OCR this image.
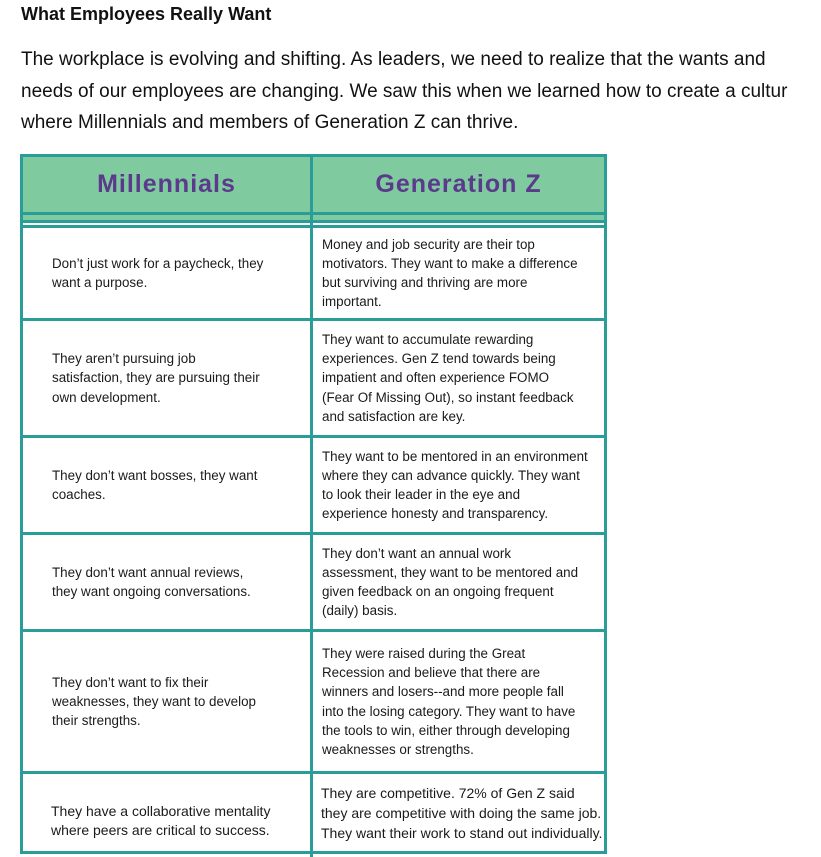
What Employees Really Want
The workplace is evolving and shifting. As leaders, we need to realize that the wants and
needs of our employees are changing. We saw this when we learned how to create a cultur
where Millennials and members of Generation Z can thrive.
Millennials	Generation Z
Don’t just work for a paycheck, they
want a purpose.
Money and job security are their top
motivators. They want to make a difference
but surviving and thriving are more
important.
They aren’t pursuing job
satisfaction, they are pursuing their
own development.
They want to accumulate rewarding
experiences. Gen Z tend towards being
impatient and often experience FOMO
(Fear Of Missing Out), so instant feedback
and satisfaction are key.
They don’t want bosses, they want
coaches.
They want to be mentored in an environment
where they can advance quickly. They want
to look their leader in the eye and
experience honesty and transparency.
They don’t want annual reviews,
they want ongoing conversations.
They don’t want an annual work
assessment, they want to be mentored and
given feedback on an ongoing frequent
(daily) basis.
They don’t want to fix their
weaknesses, they want to develop
their strengths.
They were raised during the Great
Recession and believe that there are
winners and losers--and more people fall
into the losing category. They want to have
the tools to win, either through developing
weaknesses or strengths.
They have a collaborative mentality
where peers are critical to success.
They are competitive. 72% of Gen Z said
they are competitive with doing the same job.
They want their work to stand out individually.
